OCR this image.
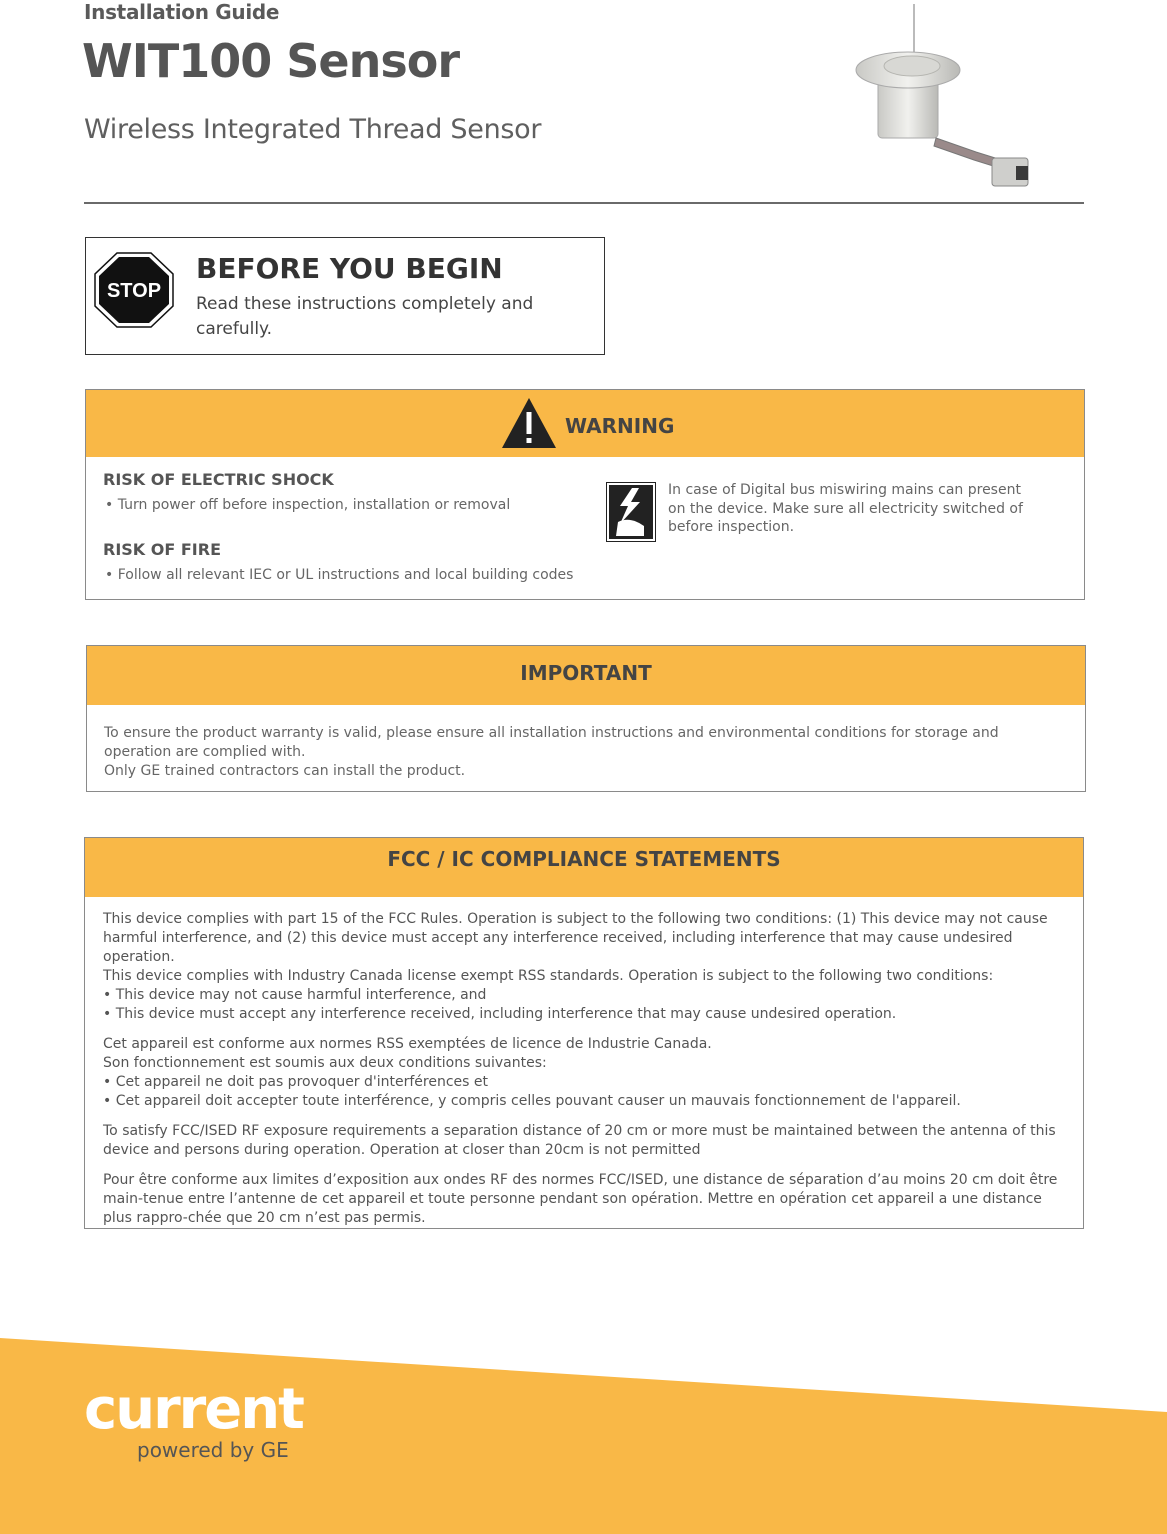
Installation Guide
WIT100 Sensor
Wireless Integrated Thread Sensor
STOP
BEFORE YOU BEGIN
Read these instructions completely and carefully.
WARNING
RISK OF ELECTRIC SHOCK
• Turn power off before inspection, installation or removal
RISK OF FIRE
• Follow all relevant IEC or UL instructions and local building codes
In case of Digital bus miswiring mains can present on the device. Make sure all electricity switched of before inspection.
IMPORTANT
To ensure the product warranty is valid, please ensure all installation instructions and environmental conditions for storage and operation are complied with.
Only GE trained contractors can install the product.
FCC / IC COMPLIANCE STATEMENTS

This device complies with part 15 of the FCC Rules. Operation is subject to the following two conditions: (1) This device may not cause harmful interference, and (2) this device must accept any interference received, including interference that may cause undesired operation.
This device complies with Industry Canada license exempt RSS standards. Operation is subject to the following two conditions:
• This device may not cause harmful interference, and
• This device must accept any interference received, including interference that may cause undesired operation.

Cet appareil est conforme aux normes RSS exemptées de licence de Industrie Canada.
Son fonctionnement est soumis aux deux conditions suivantes:
• Cet appareil ne doit pas provoquer d'interférences et
• Cet appareil doit accepter toute interférence, y compris celles pouvant causer un mauvais fonctionnement de l'appareil.

To satisfy FCC/ISED RF exposure requirements a separation distance of 20 cm or more must be maintained between the antenna of this device and persons during operation. Operation at closer than 20cm is not permitted

Pour être conforme aux limites d’exposition aux ondes RF des normes FCC/ISED, une distance de séparation d’au moins 20 cm doit être main-tenue entre l’antenne de cet appareil et toute personne pendant son opération. Mettre en opération cet appareil a une distance plus rappro-chée que 20 cm n’est pas permis.

current
powered by GE
